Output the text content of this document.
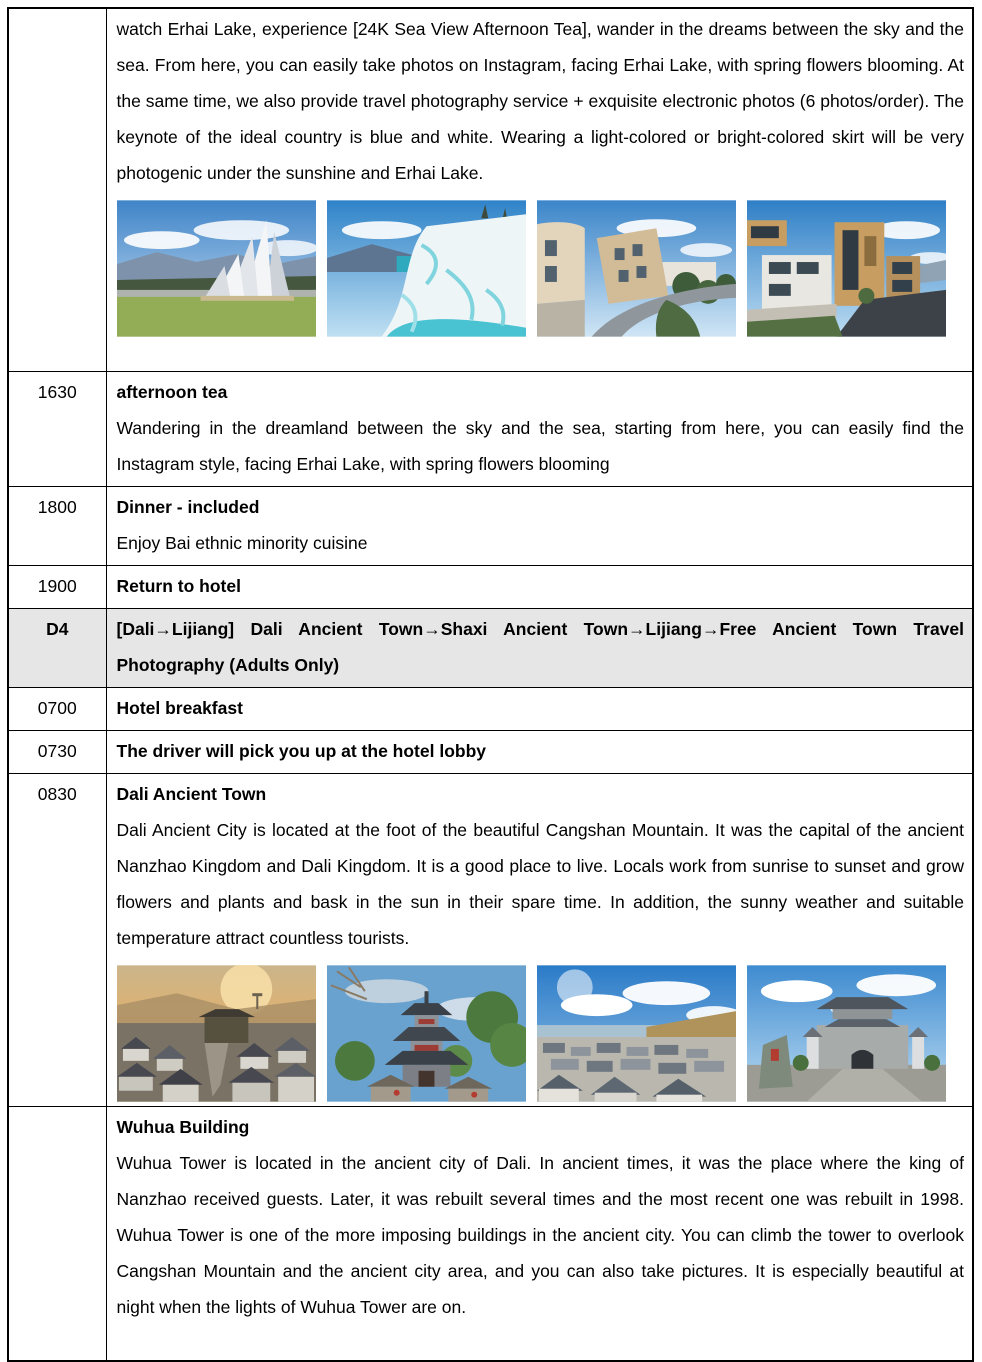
	watch Erhai Lake, experience [24K Sea View Afternoon Tea], wander in the dreams between the sky and the sea. From here, you can easily take photos on Instagram, facing Erhai Lake, with spring flowers blooming. At the same time, we also provide travel photography service + exquisite electronic photos (6 photos/order). The keynote of the ideal country is blue and white. Wearing a light-colored or bright-colored skirt will be very photogenic under the sunshine and Erhai Lake.

1630	afternoon tea

Wandering in the dreamland between the sky and the sea, starting from here, you can easily find the Instagram style, facing Erhai Lake, with spring flowers blooming

1800	Dinner - included

Enjoy Bai ethnic minority cuisine

1900	Return to hotel

D4	[Dali→Lijiang] Dali Ancient Town→Shaxi Ancient Town→Lijiang→Free Ancient Town Travel Photography (Adults Only)

0700	Hotel breakfast

0730	The driver will pick you up at the hotel lobby

0830	Dali Ancient Town

Dali Ancient City is located at the foot of the beautiful Cangshan Mountain. It was the capital of the ancient Nanzhao Kingdom and Dali Kingdom. It is a good place to live. Locals work from sunrise to sunset and grow flowers and plants and bask in the sun in their spare time. In addition, the sunny weather and suitable temperature attract countless tourists.

	Wuhua Building

Wuhua Tower is located in the ancient city of Dali. In ancient times, it was the place where the king of Nanzhao received guests. Later, it was rebuilt several times and the most recent one was rebuilt in 1998. Wuhua Tower is one of the more imposing buildings in the ancient city. You can climb the tower to overlook Cangshan Mountain and the ancient city area, and you can also take pictures. It is especially beautiful at night when the lights of Wuhua Tower are on.
